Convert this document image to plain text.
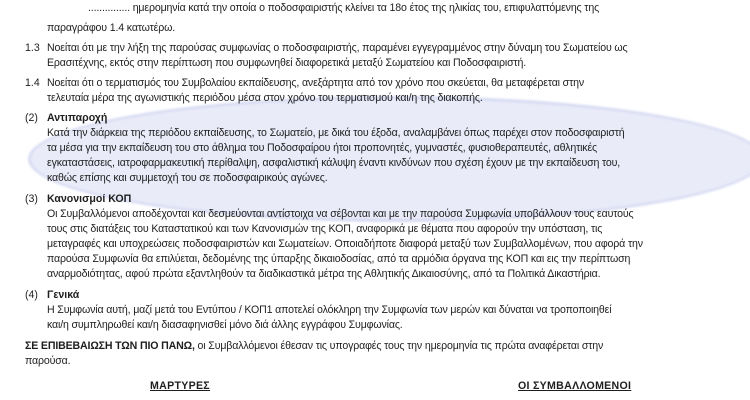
............... ημερομηνία κατά την οποία ο ποδοσφαιριστής κλείνει τα 18ο έτος της ηλικίας του, επιφυλαττόμενης της
παραγράφου 1.4 κατωτέρω.
1.3 Νοείται ότι με την λήξη της παρούσας συμφωνίας ο ποδοσφαιριστής, παραμένει εγγεγραμμένος στην δύναμη του Σωματείου ως
Ερασιτέχνης, εκτός στην περίπτωση που συμφωνηθεί διαφορετικά μεταξύ Σωματείου και Ποδοσφαιριστή.
1.4 Νοείται ότι ο τερματισμός του Συμβολαίου εκπαίδευσης, ανεξάρτητα από τον χρόνο που σκεύεται, θα μεταφέρεται στην
τελευταία μέρα της αγωνιστικής περιόδου μέσα στον χρόνο του τερματισμού και/η της διακοπής.
(2) Αντιπαροχή
Κατά την διάρκεια της περιόδου εκπαίδευσης, το Σωματείο, με δικά του έξοδα, αναλαμβάνει όπως παρέχει στον ποδοσφαιριστή
τα μέσα για την εκπαίδευση του στο άθλημα του Ποδοσφαίρου ήτοι προπονητές, γυμναστές, φυσιοθεραπευτές, αθλητικές
εγκαταστάσεις, ιατροφαρμακευτική περίθαλψη, ασφαλιστική κάλυψη έναντι κινδύνων που σχέση έχουν με την εκπαίδευση του,
καθώς επίσης και συμμετοχή του σε ποδοσφαιρικούς αγώνες.
(3) Κανονισμοί ΚΟΠ
Οι Συμβαλλόμενοι αποδέχονται και δεσμεύονται αντίστοιχα να σέβονται και με την παρούσα Συμφωνία υποβάλλουν τους εαυτούς
τους στις διατάξεις του Καταστατικού και των Κανονισμών της ΚΟΠ, αναφορικά με θέματα που αφορούν την υπόσταση, τις
μεταγραφές και υποχρεώσεις ποδοσφαιριστών και Σωματείων. Οποιαδήποτε διαφορά μεταξύ των Συμβαλλομένων, που αφορά την
παρούσα Συμφωνία θα επιλύεται, δεδομένης της ύπαρξης δικαιοδοσίας, από τα αρμόδια όργανα της ΚΟΠ και εις την περίπτωση
αναρμοδιότητας, αφού πρώτα εξαντληθούν τα διαδικαστικά μέτρα της Αθλητικής Δικαιοσύνης, από τα Πολιτικά Δικαστήρια.
(4) Γενικά
Η Συμφωνία αυτή, μαζί μετά του Εντύπου / ΚΟΠ1 αποτελεί ολόκληρη την Συμφωνία των μερών και δύναται να τροποποιηθεί
και/η συμπληρωθεί και/η διασαφηνισθεί μόνο διά άλλης εγγράφου Συμφωνίας.
ΣΕ ΕΠΙΒΕΒΑΙΩΣΗ ΤΩΝ ΠΙΟ ΠΑΝΩ, οι Συμβαλλόμενοι έθεσαν τις υπογραφές τους την ημερομηνία τις πρώτα αναφέρεται στην
παρούσα.
ΜΑΡΤΥΡΕΣ	ΟΙ ΣΥΜΒΑΛΛΟΜΕΝΟΙ
